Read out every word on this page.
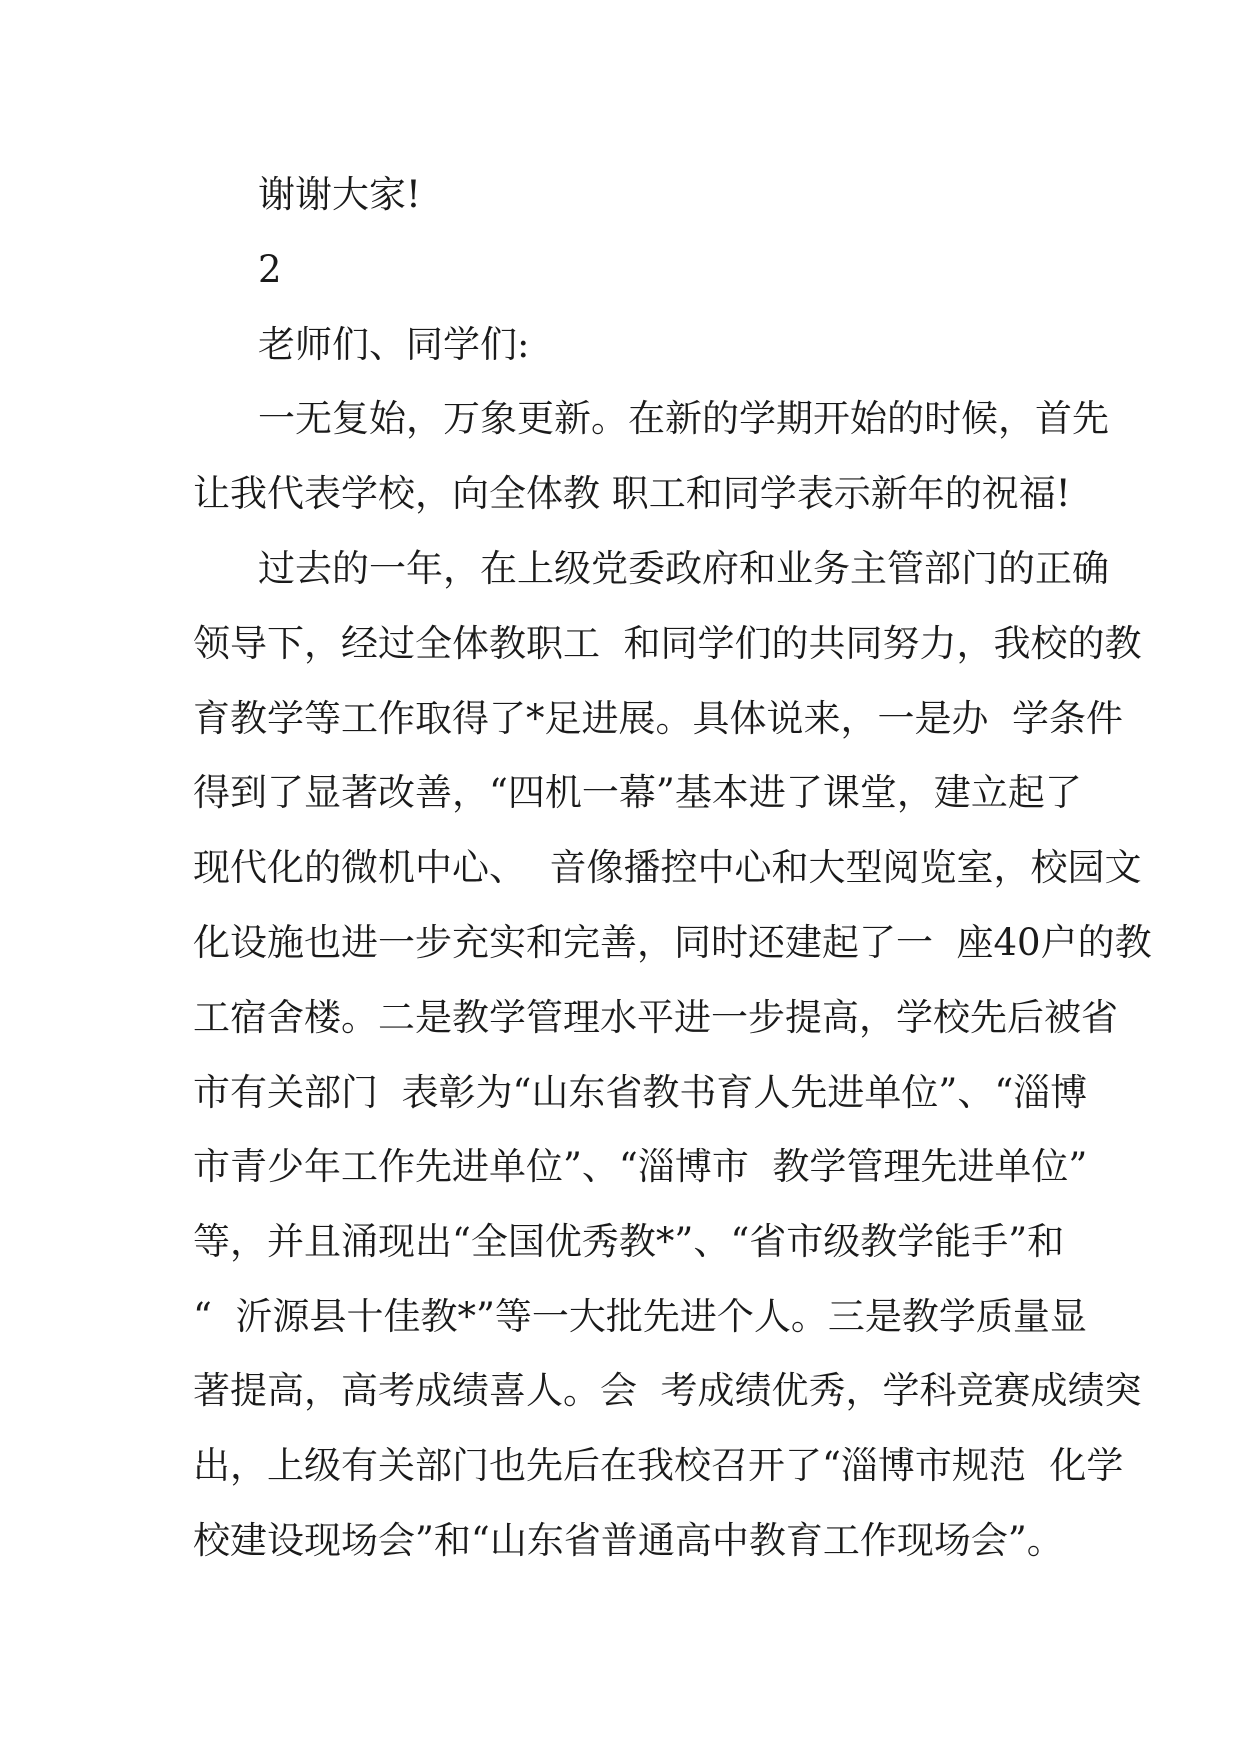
谢谢大家!

2

老师们、同学们:

一无复始，万象更新。在新的学期开始的时候，首先

让我代表学校，向全体教 职工和同学表示新年的祝福!

过去的一年，在上级党委政府和业务主管部门的正确

领导下，经过全体教职工  和同学们的共同努力，我校的教

育教学等工作取得了*足进展。具体说来，一是办  学条件

得到了显著改善，“四机一幕”基本进了课堂，建立起了

现代化的微机中心、  音像播控中心和大型阅览室，校园文

化设施也进一步充实和完善，同时还建起了一  座40户的教

工宿舍楼。二是教学管理水平进一步提高，学校先后被省

市有关部门  表彰为“山东省教书育人先进单位”、“淄博

市青少年工作先进单位”、“淄博市  教学管理先进单位”

等，并且涌现出“全国优秀教*”、“省市级教学能手”和

“  沂源县十佳教*”等一大批先进个人。三是教学质量显

著提高，高考成绩喜人。会  考成绩优秀，学科竞赛成绩突

出，上级有关部门也先后在我校召开了“淄博市规范  化学

校建设现场会”和“山东省普通高中教育工作现场会”。
